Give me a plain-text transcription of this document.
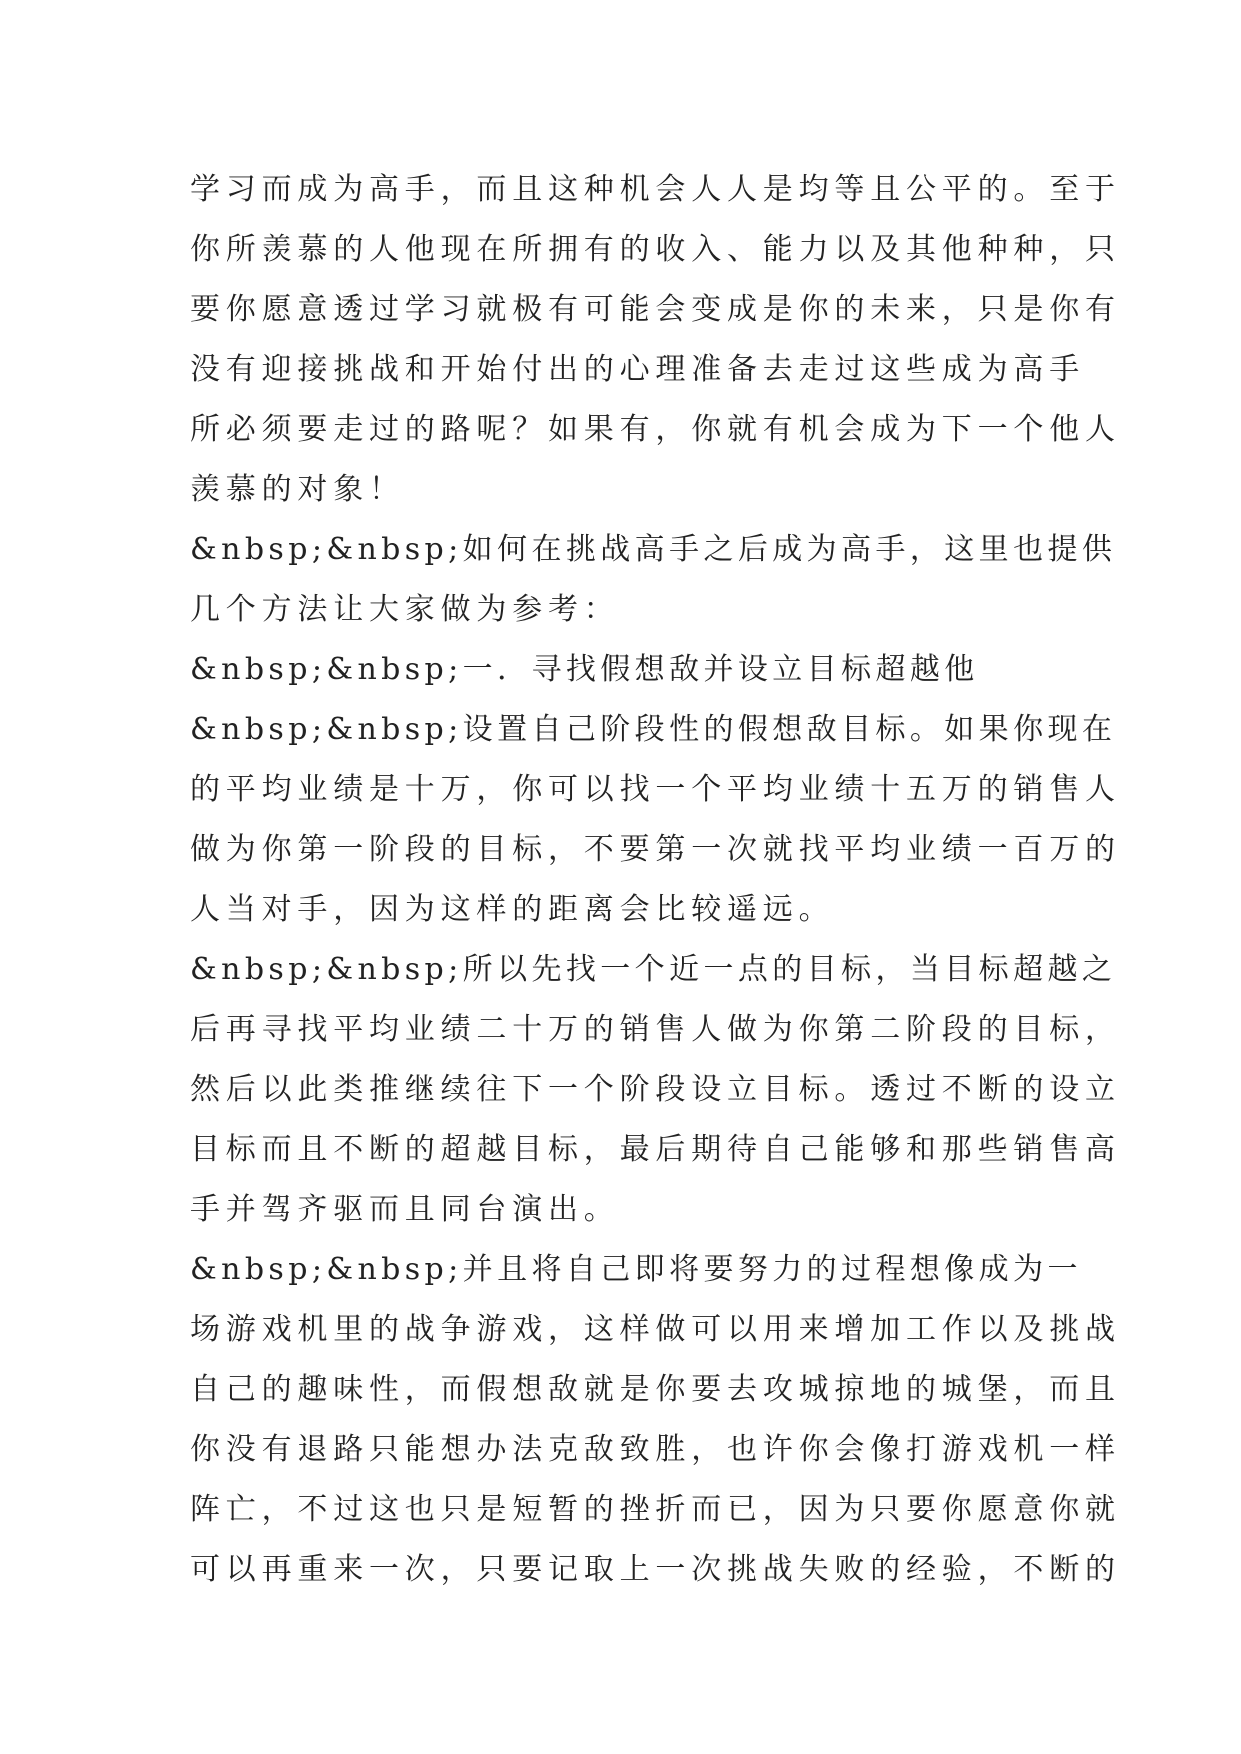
学习而成为高手，而且这种机会人人是均等且公平的。至于
你所羡慕的人他现在所拥有的收入、能力以及其他种种，只
要你愿意透过学习就极有可能会变成是你的未来，只是你有
没有迎接挑战和开始付出的心理准备去走过这些成为高手
所必须要走过的路呢？如果有，你就有机会成为下一个他人
羡慕的对象！
&nbsp;&nbsp;如何在挑战高手之后成为高手，这里也提供
几个方法让大家做为参考：
&nbsp;&nbsp;一．寻找假想敌并设立目标超越他
&nbsp;&nbsp;设置自己阶段性的假想敌目标。如果你现在
的平均业绩是十万，你可以找一个平均业绩十五万的销售人
做为你第一阶段的目标，不要第一次就找平均业绩一百万的
人当对手，因为这样的距离会比较遥远。
&nbsp;&nbsp;所以先找一个近一点的目标，当目标超越之
后再寻找平均业绩二十万的销售人做为你第二阶段的目标，
然后以此类推继续往下一个阶段设立目标。透过不断的设立
目标而且不断的超越目标，最后期待自己能够和那些销售高
手并驾齐驱而且同台演出。
&nbsp;&nbsp;并且将自己即将要努力的过程想像成为一
场游戏机里的战争游戏，这样做可以用来增加工作以及挑战
自己的趣味性，而假想敌就是你要去攻城掠地的城堡，而且
你没有退路只能想办法克敌致胜，也许你会像打游戏机一样
阵亡，不过这也只是短暂的挫折而已，因为只要你愿意你就
可以再重来一次，只要记取上一次挑战失败的经验，不断的
